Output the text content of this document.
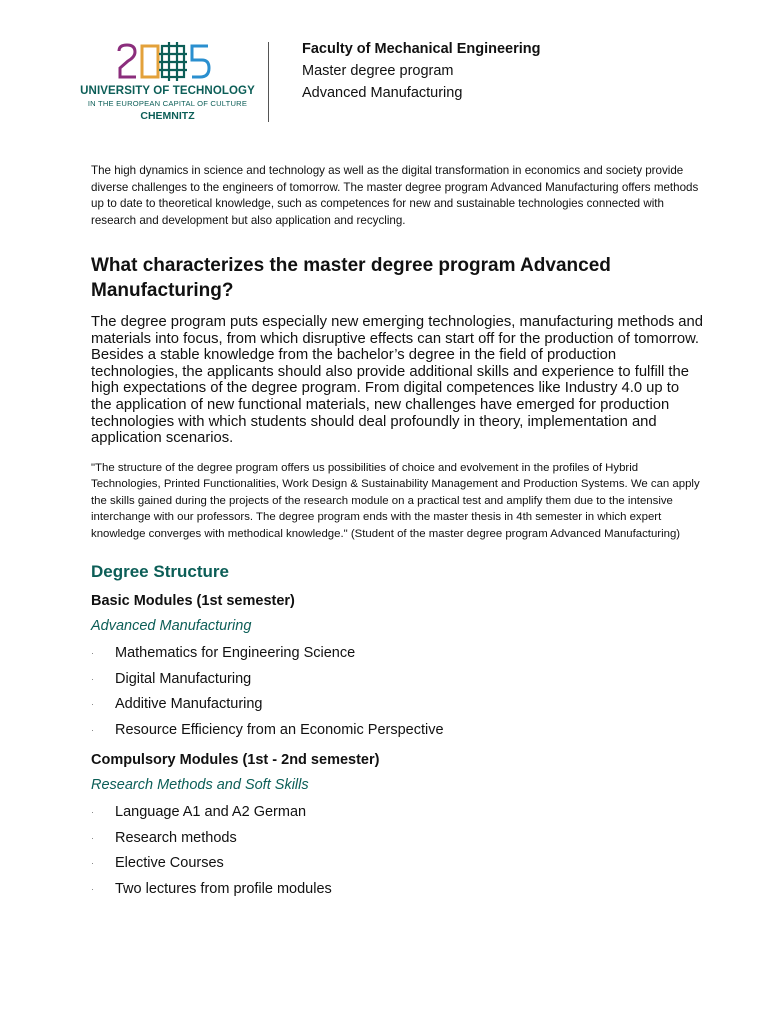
UNIVERSITY OF TECHNOLOGY
IN THE EUROPEAN CAPITAL OF CULTURE
CHEMNITZ
Faculty of Mechanical Engineering
Master degree program
Advanced Manufacturing

The high dynamics in science and technology as well as the digital transformation in economics and society provide diverse challenges to the engineers of tomorrow. The master degree program Advanced Manufacturing offers methods up to date to theoretical knowledge, such as competences for new and sustainable technologies connected with research and development but also application and recycling.

What characterizes the master degree program Advanced Manufacturing?

The degree program puts especially new emerging technologies, manufacturing methods and materials into focus, from which disruptive effects can start off for the production of tomorrow. Besides a stable knowledge from the bachelor’s degree in the field of production technologies, the applicants should also provide additional skills and experience to fulfill the high expectations of the degree program. From digital competences like Industry 4.0 up to the application of new functional materials, new challenges have emerged for production technologies with which students should deal profoundly in theory, implementation and application scenarios.

"The structure of the degree program offers us possibilities of choice and evolvement in the profiles of Hybrid Technologies, Printed Functionalities, Work Design & Sustainability Management and Production Systems. We can apply the skills gained during the projects of the research module on a practical test and amplify them due to the intensive interchange with our professors. The degree program ends with the master thesis in 4th semester in which expert knowledge converges with methodical knowledge." (Student of the master degree program Advanced Manufacturing)

Degree Structure
Basic Modules (1st semester)
Advanced Manufacturing
· Mathematics for Engineering Science
· Digital Manufacturing
· Additive Manufacturing
· Resource Efficiency from an Economic Perspective
Compulsory Modules (1st - 2nd semester)
Research Methods and Soft Skills
· Language A1 and A2 German
· Research methods
· Elective Courses
· Two lectures from profile modules
